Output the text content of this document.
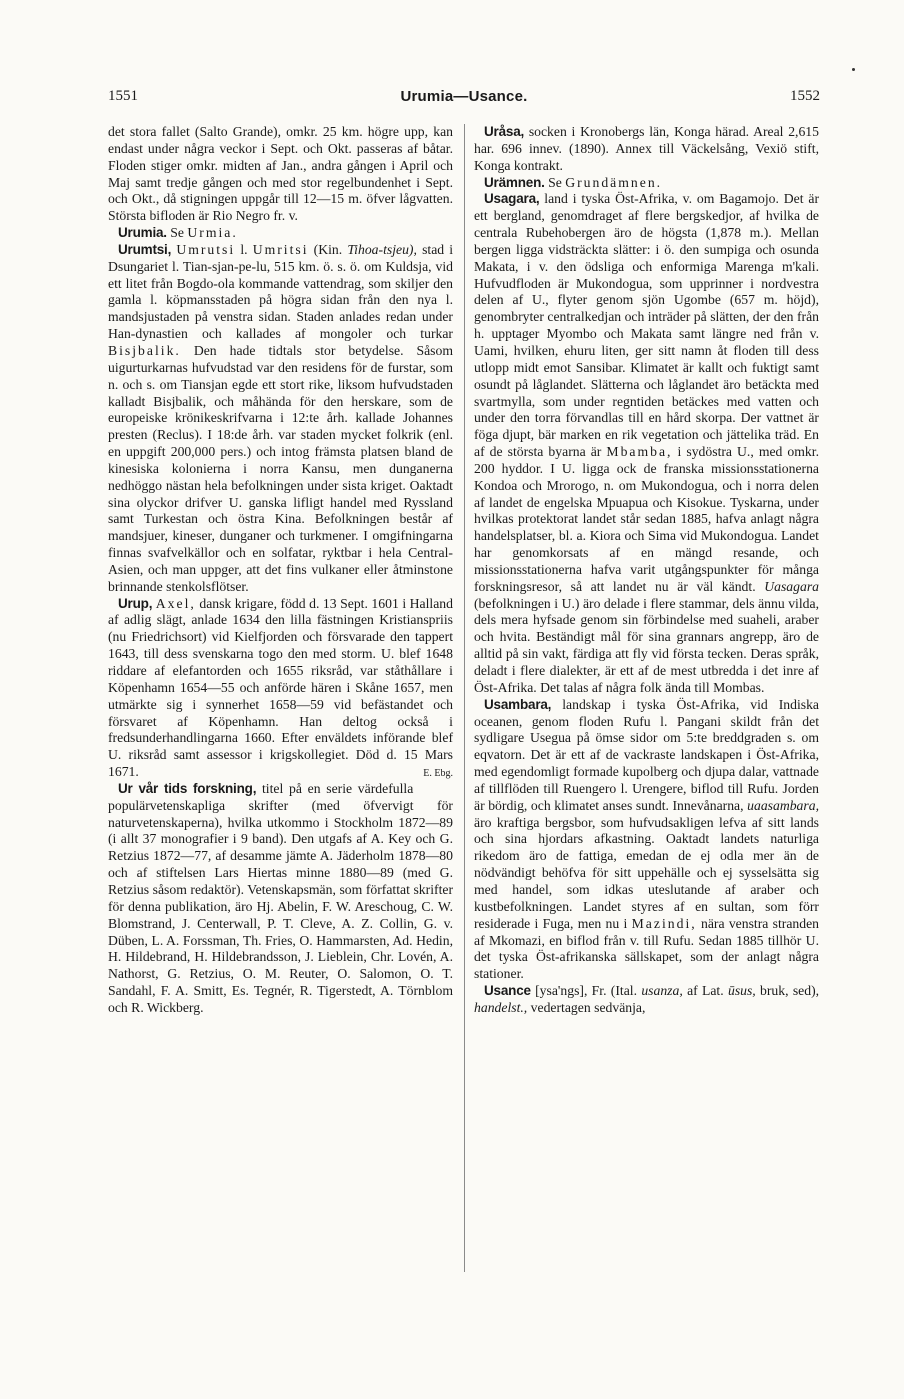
1551	Urumia—Usance.	1552

det stora fallet (Salto Grande), omkr. 25 km. högre upp, kan endast under några veckor i Sept. och Okt. passeras af båtar. Floden stiger omkr. midten af Jan., andra gången i April och Maj samt tredje gången och med stor regelbundenhet i Sept. och Okt., då stigningen uppgår till 12—15 m. öfver lågvatten. Största bifloden är Rio Negro fr. v.

Urumia. Se Urmia.

Urumtsi, Umrutsi l. Umritsi (Kin. Tihoa-tsjeu), stad i Dsungariet l. Tian-sjan-pe-lu, 515 km. ö. s. ö. om Kuldsja, vid ett litet från Bogdo-ola kommande vattendrag, som skiljer den gamla l. köpmansstaden på högra sidan från den nya l. mandsjustaden på venstra sidan. Staden anlades redan under Han-dynastien och kallades af mongoler och turkar Bisjbalik. Den hade tidtals stor betydelse. Såsom uigurturkarnas hufvudstad var den residens för de furstar, som n. och s. om Tiansjan egde ett stort rike, liksom hufvudstaden kalladt Bisjbalik, och måhända för den herskare, som de europeiske krönikeskrifvarna i 12:te årh. kallade Johannes presten (Reclus). I 18:de årh. var staden mycket folkrik (enl. en uppgift 200,000 pers.) och intog främsta platsen bland de kinesiska kolonierna i norra Kansu, men dunganerna nedhöggo nästan hela befolkningen under sista kriget. Oaktadt sina olyckor drifver U. ganska lifligt handel med Ryssland samt Turkestan och östra Kina. Befolkningen består af mandsjuer, kineser, dunganer och turkmener. I omgifningarna finnas svafvelkällor och en solfatar, ryktbar i hela Central-Asien, och man uppger, att det fins vulkaner eller åtminstone brinnande stenkolsflötser.

Urup, Axel, dansk krigare, född d. 13 Sept. 1601 i Halland af adlig slägt, anlade 1634 den lilla fästningen Kristianspriis (nu Friedrichsort) vid Kielfjorden och försvarade den tappert 1643, till dess svenskarna togo den med storm. U. blef 1648 riddare af elefantorden och 1655 riksråd, var ståthållare i Köpenhamn 1654—55 och anförde hären i Skåne 1657, men utmärkte sig i synnerhet 1658—59 vid befästandet och försvaret af Köpenhamn. Han deltog också i fredsunderhandlingarna 1660. Efter enväldets införande blef U. riksråd samt assessor i krigskollegiet. Död d. 15 Mars 1671.	E. Ebg.

Ur vår tids forskning, titel på en serie värdefulla populärvetenskapliga skrifter (med öfvervigt för naturvetenskaperna), hvilka utkommo i Stockholm 1872—89 (i allt 37 monografier i 9 band). Den utgafs af A. Key och G. Retzius 1872—77, af desamme jämte A. Jäderholm 1878—80 och af stiftelsen Lars Hiertas minne 1880—89 (med G. Retzius såsom redaktör). Vetenskapsmän, som författat skrifter för denna publikation, äro Hj. Abelin, F. W. Areschoug, C. W. Blomstrand, J. Centerwall, P. T. Cleve, A. Z. Collin, G. v. Düben, L. A. Forssman, Th. Fries, O. Hammarsten, Ad. Hedin, H. Hildebrand, H. Hildebrandsson, J. Lieblein, Chr. Lovén, A. Nathorst, G. Retzius, O. M. Reuter, O. Salomon, O. T. Sandahl, F. A. Smitt, Es. Tegnér, R. Tigerstedt, A. Törnblom och R. Wickberg.

Uråsa, socken i Kronobergs län, Konga härad. Areal 2,615 har. 696 innev. (1890). Annex till Väckelsång, Vexiö stift, Konga kontrakt.

Urämnen. Se Grundämnen.

Usagara, land i tyska Öst-Afrika, v. om Bagamojo. Det är ett bergland, genomdraget af flere bergskedjor, af hvilka de centrala Rubehobergen äro de högsta (1,878 m.). Mellan bergen ligga vidsträckta slätter: i ö. den sumpiga och osunda Makata, i v. den ödsliga och enformiga Marenga m'kali. Hufvudfloden är Mukondogua, som upprinner i nordvestra delen af U., flyter genom sjön Ugombe (657 m. höjd), genombryter centralkedjan och inträder på slätten, der den från h. upptager Myombo och Makata samt längre ned från v. Uami, hvilken, ehuru liten, ger sitt namn åt floden till dess utlopp midt emot Sansibar. Klimatet är kallt och fuktigt samt osundt på låglandet. Slätterna och låglandet äro betäckta med svartmylla, som under regntiden betäckes med vatten och under den torra förvandlas till en hård skorpa. Der vattnet är föga djupt, bär marken en rik vegetation och jättelika träd. En af de största byarna är Mbamba, i sydöstra U., med omkr. 200 hyddor. I U. ligga ock de franska missionsstationerna Kondoa och Mrorogo, n. om Mukondogua, och i norra delen af landet de engelska Mpuapua och Kisokue. Tyskarna, under hvilkas protektorat landet står sedan 1885, hafva anlagt några handelsplatser, bl. a. Kiora och Sima vid Mukondogua. Landet har genomkorsats af en mängd resande, och missionsstationerna hafva varit utgångspunkter för många forskningsresor, så att landet nu är väl kändt. Uasagara (befolkningen i U.) äro delade i flere stammar, dels ännu vilda, dels mera hyfsade genom sin förbindelse med suaheli, araber och hvita. Beständigt mål för sina grannars angrepp, äro de alltid på sin vakt, färdiga att fly vid första tecken. Deras språk, deladt i flere dialekter, är ett af de mest utbredda i det inre af Öst-Afrika. Det talas af några folk ända till Mombas.

Usambara, landskap i tyska Öst-Afrika, vid Indiska oceanen, genom floden Rufu l. Pangani skildt från det sydligare Usegua på ömse sidor om 5:te breddgraden s. om eqvatorn. Det är ett af de vackraste landskapen i Öst-Afrika, med egendomligt formade kupolberg och djupa dalar, vattnade af tillflöden till Ruengero l. Urengere, biflod till Rufu. Jorden är bördig, och klimatet anses sundt. Innevånarna, uaasambara, äro kraftiga bergsbor, som hufvudsakligen lefva af sitt lands och sina hjordars afkastning. Oaktadt landets naturliga rikedom äro de fattiga, emedan de ej odla mer än de nödvändigt behöfva för sitt uppehälle och ej sysselsätta sig med handel, som idkas uteslutande af araber och kustbefolkningen. Landet styres af en sultan, som förr residerade i Fuga, men nu i Mazindi, nära venstra stranden af Mkomazi, en biflod från v. till Rufu. Sedan 1885 tillhör U. det tyska Öst-afrikanska sällskapet, som der anlagt några stationer.

Usance [ysa'ngs], Fr. (Ital. usanza, af Lat. ūsus, bruk, sed), handelst., vedertagen sedvänja,
